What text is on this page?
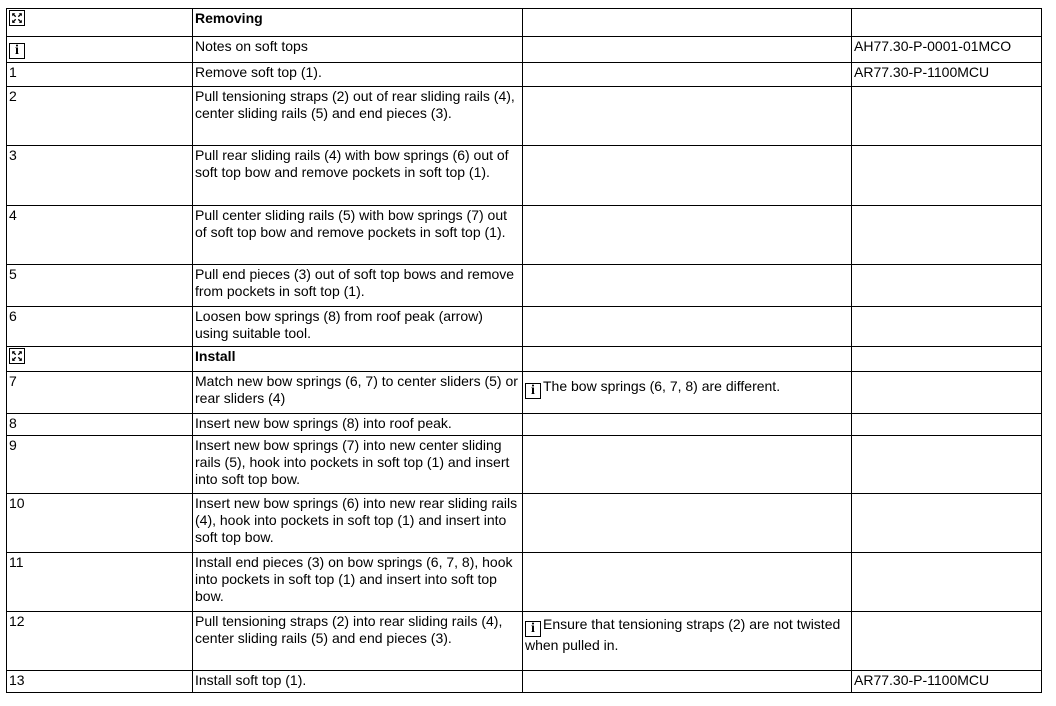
	Removing		

i	Notes on soft tops		AH77.30-P-0001-01MCO
1	Remove soft top (1).		AR77.30-P-1100MCU
2	Pull tensioning straps (2) out of rear sliding rails (4), center sliding rails (5) and end pieces (3).		
3	Pull rear sliding rails (4) with bow springs (6) out of soft top bow and remove pockets in soft top (1).		
4	Pull center sliding rails (5) with bow springs (7) out of soft top bow and remove pockets in soft top (1).		
5	Pull end pieces (3) out of soft top bows and remove from pockets in soft top (1).		
6	Loosen bow springs (8) from roof peak (arrow) using suitable tool.		

	Install		
7	Match new bow springs (6, 7) to center sliders (5) or rear sliders (4)	i The bow springs (6, 7, 8) are different.	
8	Insert new bow springs (8) into roof peak.		
9	Insert new bow springs (7) into new center sliding rails (5), hook into pockets in soft top (1) and insert into soft top bow.		
10	Insert new bow springs (6) into new rear sliding rails (4), hook into pockets in soft top (1) and insert into soft top bow.		
11	Install end pieces (3) on bow springs (6, 7, 8), hook into pockets in soft top (1) and insert into soft top bow.		
12	Pull tensioning straps (2) into rear sliding rails (4), center sliding rails (5) and end pieces (3).	i Ensure that tensioning straps (2) are not twisted when pulled in.	
13	Install soft top (1).		AR77.30-P-1100MCU
